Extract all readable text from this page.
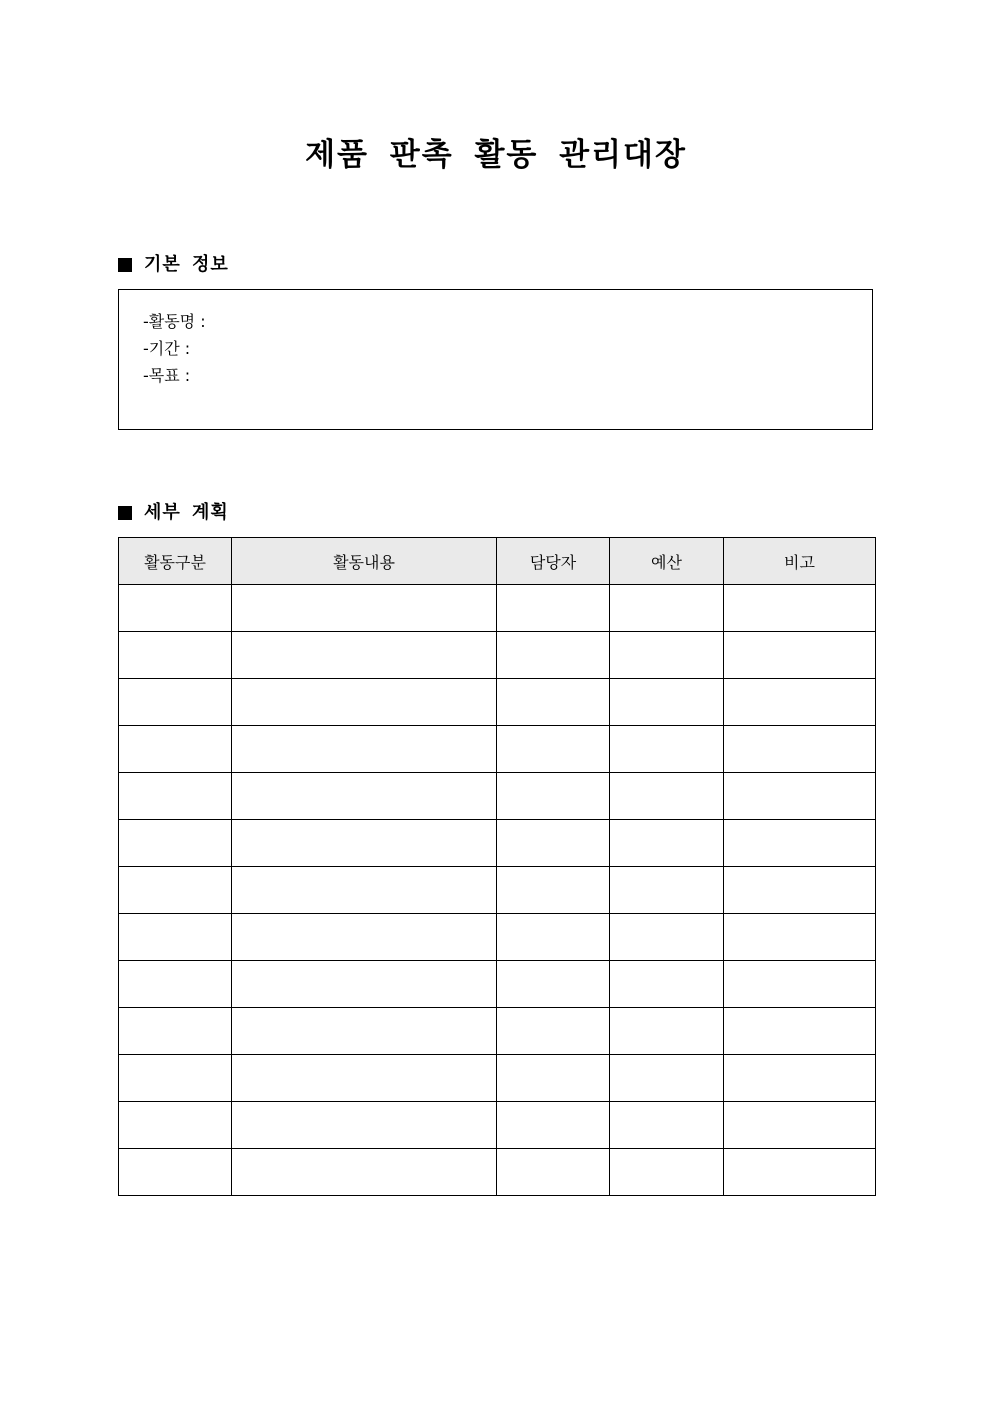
제품 판촉 활동 관리대장
기본 정보
-활동명 :
-기간 :
-목표 :
세부 계획
활동구분	활동내용	담당자	예산	비고
